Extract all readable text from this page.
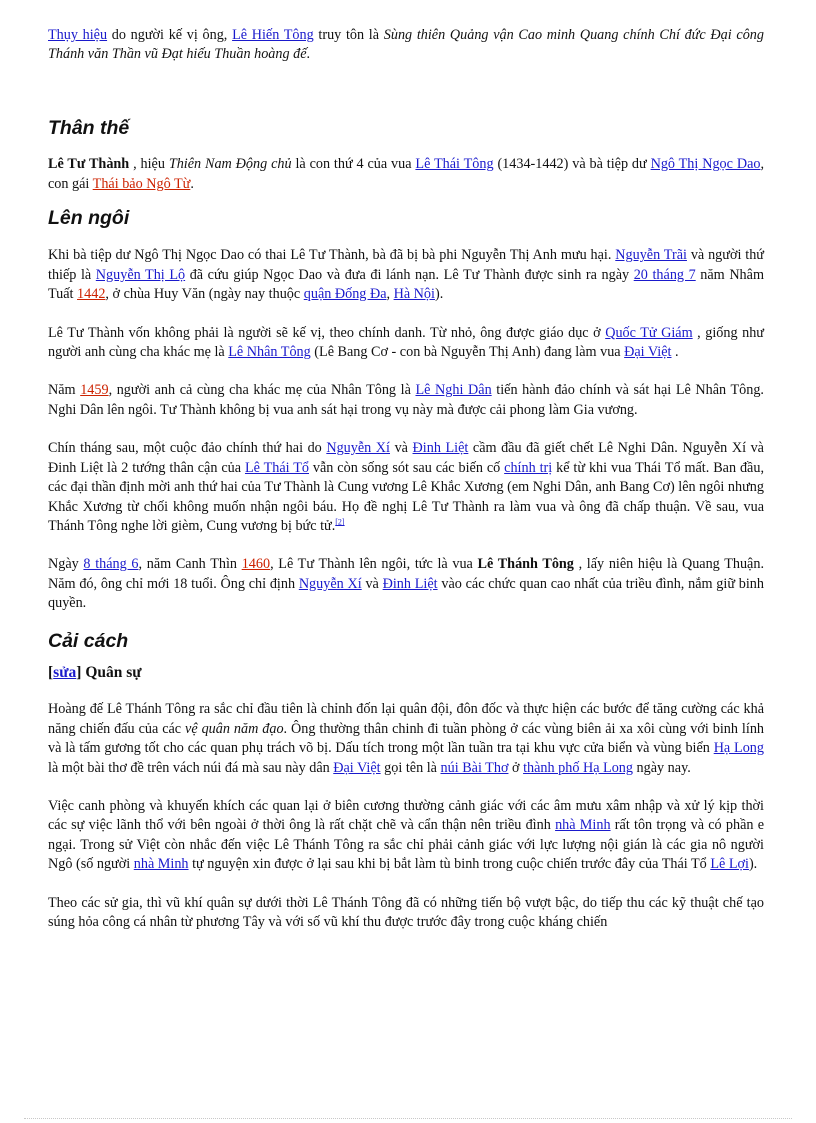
Thụy hiệu do người kế vị ông, Lê Hiến Tông truy tôn là Sùng thiên Quảng vận Cao minh Quang chính Chí đức Đại công Thánh văn Thần vũ Đạt hiếu Thuần hoàng đế.

Thân thế

Lê Tư Thành , hiệu Thiên Nam Động chủ là con thứ 4 của vua Lê Thái Tông (1434-1442) và bà tiệp dư Ngô Thị Ngọc Dao, con gái Thái bảo Ngô Từ.

Lên ngôi

Khi bà tiệp dư Ngô Thị Ngọc Dao có thai Lê Tư Thành, bà đã bị bà phi Nguyễn Thị Anh mưu hại. Nguyễn Trãi và người thứ thiếp là Nguyễn Thị Lộ đã cứu giúp Ngọc Dao và đưa đi lánh nạn. Lê Tư Thành được sinh ra ngày 20 tháng 7 năm Nhâm Tuất 1442, ở chùa Huy Văn (ngày nay thuộc quận Đống Đa, Hà Nội).

Lê Tư Thành vốn không phải là người sẽ kế vị, theo chính danh. Từ nhỏ, ông được giáo dục ở Quốc Tử Giám , giống như người anh cùng cha khác mẹ là Lê Nhân Tông (Lê Bang Cơ - con bà Nguyễn Thị Anh) đang làm vua Đại Việt .

Năm 1459, người anh cả cùng cha khác mẹ của Nhân Tông là Lê Nghi Dân tiến hành đảo chính và sát hại Lê Nhân Tông. Nghi Dân lên ngôi. Tư Thành không bị vua anh sát hại trong vụ này mà được cải phong làm Gia vương.

Chín tháng sau, một cuộc đảo chính thứ hai do Nguyễn Xí và Đinh Liệt cầm đầu đã giết chết Lê Nghi Dân. Nguyễn Xí và Đinh Liệt là 2 tướng thân cận của Lê Thái Tổ vẫn còn sống sót sau các biến cố chính trị kể từ khi vua Thái Tổ mất. Ban đầu, các đại thần định mời anh thứ hai của Tư Thành là Cung vương Lê Khắc Xương (em Nghi Dân, anh Bang Cơ) lên ngôi nhưng Khắc Xương từ chối không muốn nhận ngôi báu. Họ đề nghị Lê Tư Thành ra làm vua và ông đã chấp thuận. Về sau, vua Thánh Tông nghe lời gièm, Cung vương bị bức tử.[2]

Ngày 8 tháng 6, năm Canh Thìn 1460, Lê Tư Thành lên ngôi, tức là vua Lê Thánh Tông , lấy niên hiệu là Quang Thuận. Năm đó, ông chỉ mới 18 tuổi. Ông chỉ định Nguyễn Xí và Đinh Liệt vào các chức quan cao nhất của triều đình, nắm giữ binh quyền.

Cải cách
[sửa] Quân sự

Hoàng đế Lê Thánh Tông ra sắc chỉ đầu tiên là chỉnh đốn lại quân đội, đôn đốc và thực hiện các bước để tăng cường các khả năng chiến đấu của các vệ quân năm đạo. Ông thường thân chinh đi tuần phòng ở các vùng biên ải xa xôi cùng với binh lính và là tấm gương tốt cho các quan phụ trách võ bị. Dấu tích trong một lần tuần tra tại khu vực cửa biển và vùng biển Hạ Long là một bài thơ đề trên vách núi đá mà sau này dân Đại Việt gọi tên là núi Bài Thơ ở thành phố Hạ Long ngày nay.

Việc canh phòng và khuyến khích các quan lại ở biên cương thường cảnh giác với các âm mưu xâm nhập và xử lý kịp thời các sự việc lãnh thổ với bên ngoài ở thời ông là rất chặt chẽ và cẩn thận nên triều đình nhà Minh rất tôn trọng và có phần e ngại. Trong sử Việt còn nhắc đến việc Lê Thánh Tông ra sắc chỉ phải cảnh giác với lực lượng nội gián là các gia nô người Ngô (số người nhà Minh tự nguyện xin được ở lại sau khi bị bắt làm tù binh trong cuộc chiến trước đây của Thái Tổ Lê Lợi).

Theo các sử gia, thì vũ khí quân sự dưới thời Lê Thánh Tông đã có những tiến bộ vượt bậc, do tiếp thu các kỹ thuật chế tạo súng hỏa công cá nhân từ phương Tây và với số vũ khí thu được trước đây trong cuộc kháng chiến
